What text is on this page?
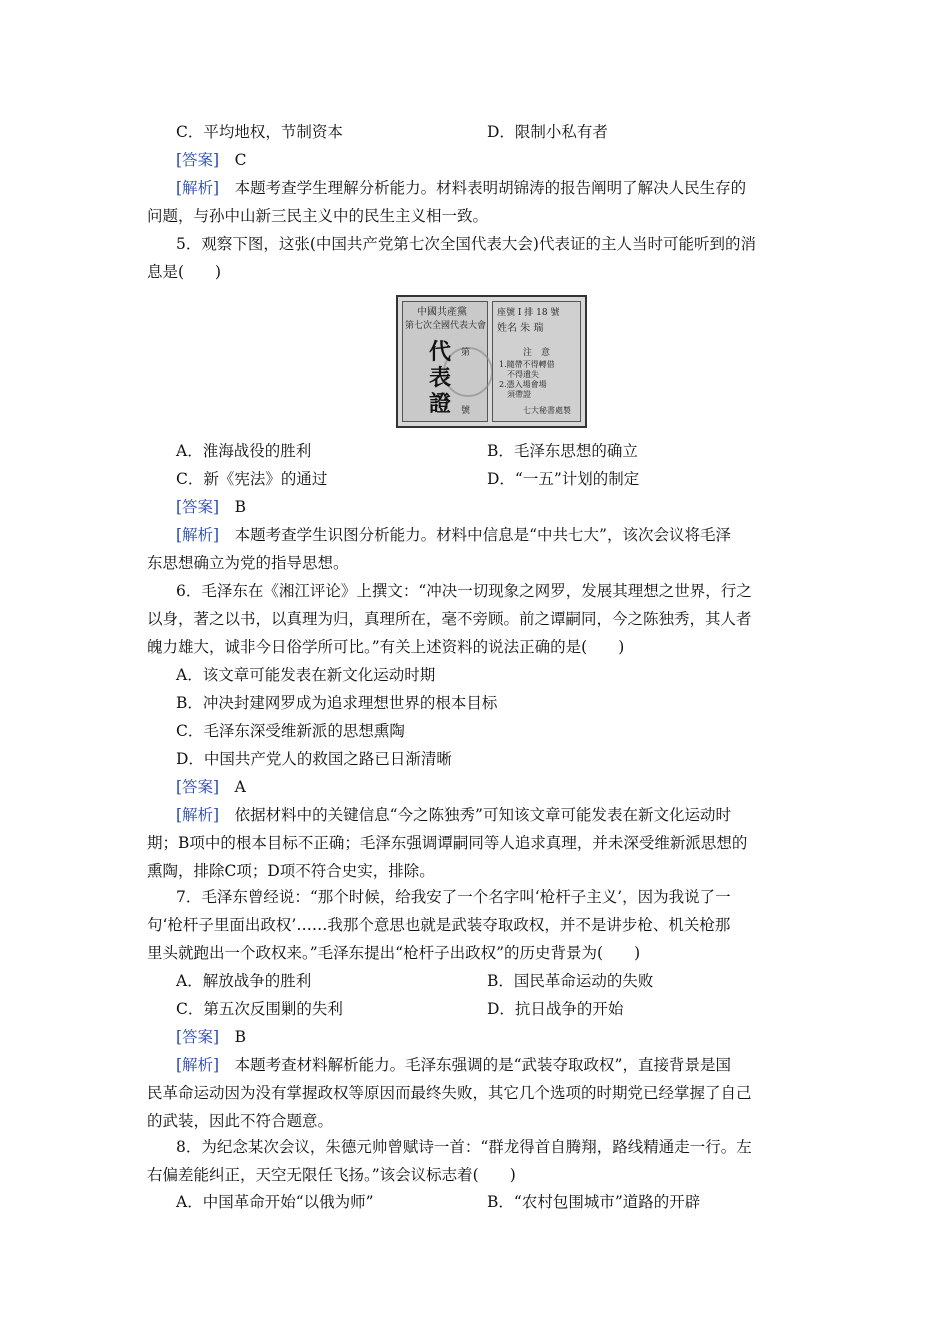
C．平均地权，节制资本	D．限制小私有者
[答案]　 C
[解析]　 本题考查学生理解分析能力。材料表明胡锦涛的报告阐明了解决人民生存的
问题，与孙中山新三民主义中的民生主义相一致。
5．观察下图，这张(中国共产党第七次全国代表大会)代表证的主人当时可能听到的消
息是(　　)
中國共產黨
第七次全國代表大會
代
表
證
第
號
座號 Ⅰ 排 18 號
姓名 朱 瑞
注　意
1.隨帶不得轉借
　不得遺失
2.憑入場會場
　須帶證
七大秘書處製
A．淮海战役的胜利	B．毛泽东思想的确立
C．新《宪法》的通过	D．“一五”计划的制定
[答案]　 B
[解析]　 本题考查学生识图分析能力。材料中信息是“中共七大”，该次会议将毛泽
东思想确立为党的指导思想。
6．毛泽东在《湘江评论》上撰文：“冲决一切现象之网罗，发展其理想之世界，行之
以身，著之以书，以真理为归，真理所在，毫不旁顾。前之谭嗣同，今之陈独秀，其人者
魄力雄大，诚非今日俗学所可比。”有关上述资料的说法正确的是(　　)
A．该文章可能发表在新文化运动时期
B．冲决封建网罗成为追求理想世界的根本目标
C．毛泽东深受维新派的思想熏陶
D．中国共产党人的救国之路已日渐清晰
[答案]　 A
[解析]　 依据材料中的关键信息“今之陈独秀”可知该文章可能发表在新文化运动时
期；B项中的根本目标不正确；毛泽东强调谭嗣同等人追求真理，并未深受维新派思想的
熏陶，排除C项；D项不符合史实，排除。
7．毛泽东曾经说：“那个时候，给我安了一个名字叫‘枪杆子主义’，因为我说了一
句‘枪杆子里面出政权’……我那个意思也就是武装夺取政权，并不是讲步枪、机关枪那
里头就跑出一个政权来。”毛泽东提出“枪杆子出政权”的历史背景为(　　)
A．解放战争的胜利	B．国民革命运动的失败
C．第五次反围剿的失利	D．抗日战争的开始
[答案]　 B
[解析]　 本题考查材料解析能力。毛泽东强调的是“武装夺取政权”，直接背景是国
民革命运动因为没有掌握政权等原因而最终失败，其它几个选项的时期党已经掌握了自己
的武装，因此不符合题意。
8．为纪念某次会议，朱德元帅曾赋诗一首：“群龙得首自腾翔，路线精通走一行。左
右偏差能纠正，天空无限任飞扬。”该会议标志着(　　)
A．中国革命开始“以俄为师”	B．“农村包围城市”道路的开辟
